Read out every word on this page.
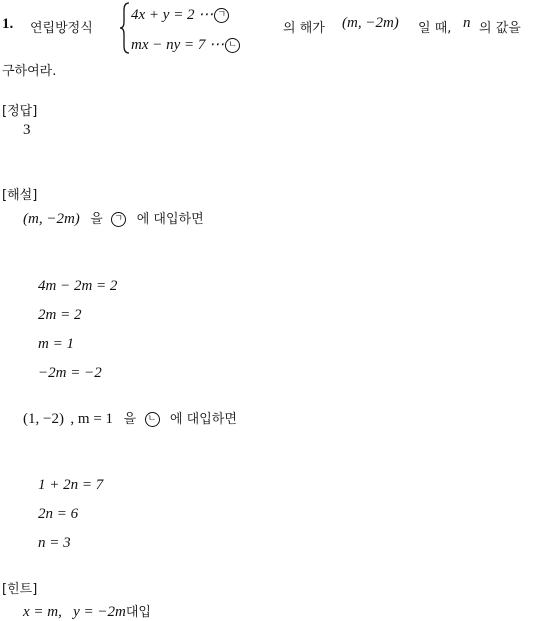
1. 연립방정식
4x + y = 2 ⋯ ㄱ
mx − ny = 7 ⋯ ㄴ
의 해가 (m, −2m) 일 때, n 의 값을
구하여라.
[정답]
3
[해설]
(m, −2m) 을 ㄱ 에 대입하면
4m − 2m = 2
2m = 2
m = 1
−2m = −2
(1, −2) , m = 1 을 ㄴ 에 대입하면
1 + 2n = 7
2n = 6
n = 3
[힌트]
x = m,   y = −2m대입
